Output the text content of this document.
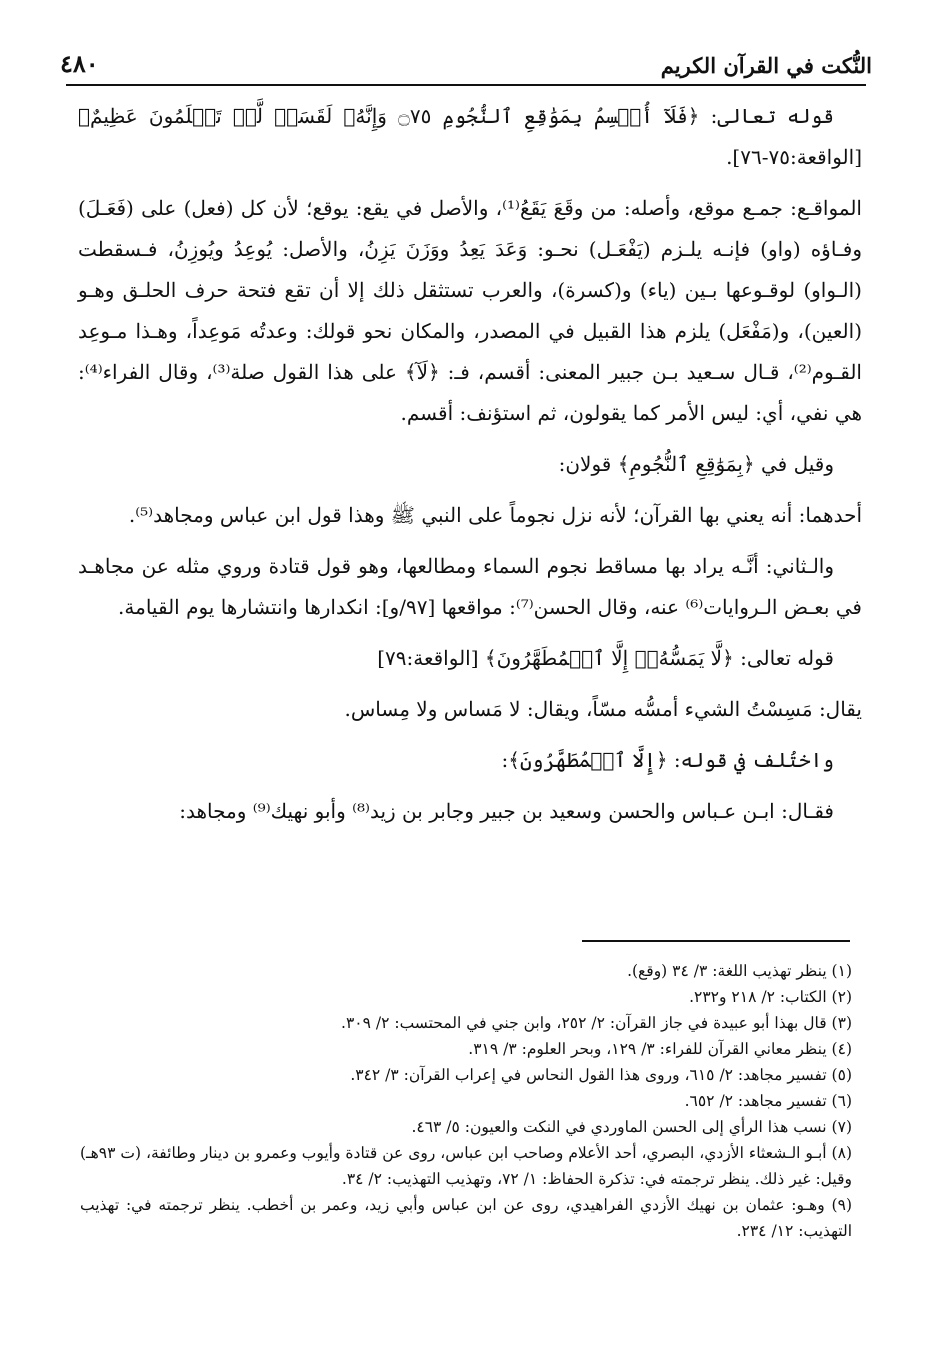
النُّكت في القرآن الكريم
٤٨٠

قوله تعالى: ﴿فَلَآ أُقۡسِمُ بِمَوَٰقِعِ ٱلنُّجُومِ ۝٧٥ وَإِنَّهُۥ لَقَسَمٞ لَّوۡ تَعۡلَمُونَ عَظِيمٌ﴾ [الواقعة:٧٥-٧٦].

المواقـع: جمـع موقع، وأصله: من وقَعَ يَقَعُ⁽¹⁾، والأصل في يقع: يوقع؛ لأن كل (فعل) على (فَعَـلَ) وفـاؤه (واو) فإنـه يلـزم (يَفْعَـل) نحـو: وَعَدَ يَعِدُ ووَزَنَ يَزِنُ، والأصل: يُوعِدُ ويُوزِنُ، فـسقطت (الـواو) لوقـوعها بـين (ياء) و(كسرة)، والعرب تستثقل ذلك إلا أن تقع فتحة حرف الحلـق وهـو (العين)، و(مَفْعَل) يلزم هذا القبيل في المصدر، والمكان نحو قولك: وعدتُه مَوعِداً، وهـذا مـوعِد القـوم⁽²⁾، قـال سـعيد بـن جبير المعنى: أقسم، فـ: ﴿لَآ﴾ على هذا القول صلة⁽³⁾، وقال الفراء⁽⁴⁾: هي نفي، أي: ليس الأمر كما يقولون، ثم استؤنف: أقسم.

وقيل في ﴿بِمَوَٰقِعِ ٱلنُّجُومِ﴾ قولان:

أحدهما: أنه يعني بها القرآن؛ لأنه نزل نجوماً على النبي ﷺ وهذا قول ابن عباس ومجاهد⁽⁵⁾.

والـثاني: أنَّـه يراد بها مساقط نجوم السماء ومطالعها، وهو قول قتادة وروي مثله عن مجاهـد في بعـض الـروايات⁽⁶⁾ عنه، وقال الحسن⁽⁷⁾: مواقعها [٩٧/و]: انكدارها وانتشارها يوم القيامة.

قوله تعالى: ﴿لَّا يَمَسُّهُۥٓ إِلَّا ٱلۡمُطَهَّرُونَ﴾ [الواقعة:٧٩]

يقال: مَسِسْتُ الشيء أمسُّه مسّاً، ويقال: لا مَساس ولا مِساس.

واختُلف في قوله: ﴿إِلَّا ٱلۡمُطَهَّرُونَ﴾:

فقـال: ابـن عـباس والحسن وسعيد بن جبير وجابر بن زيد⁽⁸⁾ وأبو نهيك⁽⁹⁾ ومجاهد:

(١) ينظر تهذيب اللغة: ٣/ ٣٤ (وقع).

(٢) الكتاب: ٢/ ٢١٨ و٢٣٢.

(٣) قال بهذا أبو عبيدة في جاز القرآن: ٢/ ٢٥٢، وابن جني في المحتسب: ٢/ ٣٠٩.

(٤) ينظر معاني القرآن للفراء: ٣/ ١٢٩، وبحر العلوم: ٣/ ٣١٩.

(٥) تفسير مجاهد: ٢/ ٦١٥، وروى هذا القول النحاس في إعراب القرآن: ٣/ ٣٤٢.

(٦) تفسير مجاهد: ٢/ ٦٥٢.

(٧) نسب هذا الرأي إلى الحسن الماوردي في النكت والعيون: ٥/ ٤٦٣.

(٨) أبـو الـشعثاء الأزدي، البصري، أحد الأعلام وصاحب ابن عباس، روى عن قتادة وأيوب وعمرو بن دينار وطائفة، (ت ٩٣هـ) وقيل: غير ذلك. ينظر ترجمته في: تذكرة الحفاظ: ١/ ٧٢، وتهذيب التهذيب: ٢/ ٣٤.

(٩) وهـو: عثمان بن نهيك الأزدي الفراهيدي، روى عن ابن عباس وأبي زيد، وعمر بن أخطب. ينظر ترجمته في: تهذيب التهذيب: ١٢/ ٢٣٤.
